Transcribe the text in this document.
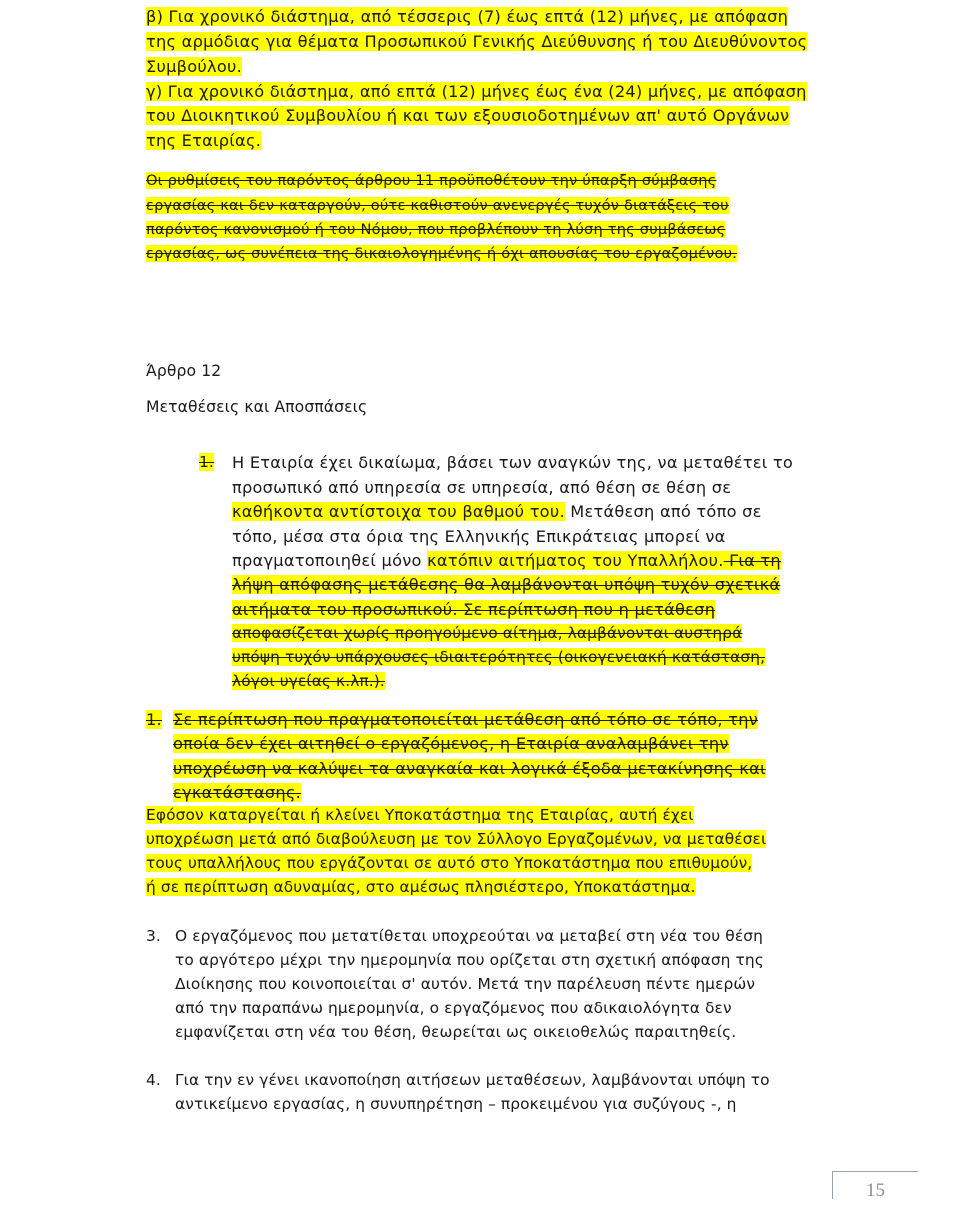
β) Για χρονικό διάστημα, από τέσσερις (7) έως επτά (12) μήνες, με απόφαση
της αρμόδιας για θέματα Προσωπικού Γενικής Διεύθυνσης ή του Διευθύνοντος
Συμβούλου.
γ) Για χρονικό διάστημα, από επτά (12) μήνες έως ένα (24) μήνες, με απόφαση
του Διοικητικού Συμβουλίου ή και των εξουσιοδοτημένων απ' αυτό Οργάνων
της Εταιρίας.
Οι ρυθμίσεις του παρόντος άρθρου 11 προϋποθέτουν την ύπαρξη σύμβασης
εργασίας και δεν καταργούν, ούτε καθιστούν ανενεργές τυχόν διατάξεις του
παρόντος κανονισμού ή του Νόμου, που προβλέπουν τη λύση της συμβάσεως
εργασίας, ως συνέπεια της δικαιολογημένης ή όχι απουσίας του εργαζομένου.
Άρθρο 12
Μεταθέσεις και Αποσπάσεις
1. Η Εταιρία έχει δικαίωμα, βάσει των αναγκών της, να μεταθέτει το
προσωπικό από υπηρεσία σε υπηρεσία, από θέση σε θέση σε
καθήκοντα αντίστοιχα του βαθμού του. Μετάθεση από τόπο σε
τόπο, μέσα στα όρια της Ελληνικής Επικράτειας μπορεί να
πραγματοποιηθεί μόνο κατόπιν αιτήματος του Υπαλλήλου. Για τη
λήψη απόφασης μετάθεσης θα λαμβάνονται υπόψη τυχόν σχετικά
αιτήματα του προσωπικού. Σε περίπτωση που η μετάθεση
αποφασίζεται χωρίς προηγούμενο αίτημα, λαμβάνονται αυστηρά
υπόψη τυχόν υπάρχουσες ιδιαιτερότητες (οικογενειακή κατάσταση,
λόγοι υγείας κ.λπ.).
1. Σε περίπτωση που πραγματοποιείται μετάθεση από τόπο σε τόπο, την
οποία δεν έχει αιτηθεί ο εργαζόμενος, η Εταιρία αναλαμβάνει την
υποχρέωση να καλύψει τα αναγκαία και λογικά έξοδα μετακίνησης και
εγκατάστασης.
Εφόσον καταργείται ή κλείνει Υποκατάστημα της Εταιρίας, αυτή έχει
υποχρέωση μετά από διαβούλευση με τον Σύλλογο Εργαζομένων, να μεταθέσει
τους υπαλλήλους που εργάζονται σε αυτό στο Υποκατάστημα που επιθυμούν,
ή σε περίπτωση αδυναμίας, στο αμέσως πλησιέστερο, Υποκατάστημα.
3. Ο εργαζόμενος που μετατίθεται υποχρεούται να μεταβεί στη νέα του θέση
το αργότερο μέχρι την ημερομηνία που ορίζεται στη σχετική απόφαση της
Διοίκησης που κοινοποιείται σ' αυτόν. Μετά την παρέλευση πέντε ημερών
από την παραπάνω ημερομηνία, ο εργαζόμενος που αδικαιολόγητα δεν
εμφανίζεται στη νέα του θέση, θεωρείται ως οικειοθελώς παραιτηθείς.
4. Για την εν γένει ικανοποίηση αιτήσεων μεταθέσεων, λαμβάνονται υπόψη το
αντικείμενο εργασίας, η συνυπηρέτηση – προκειμένου για συζύγους -, η
15
